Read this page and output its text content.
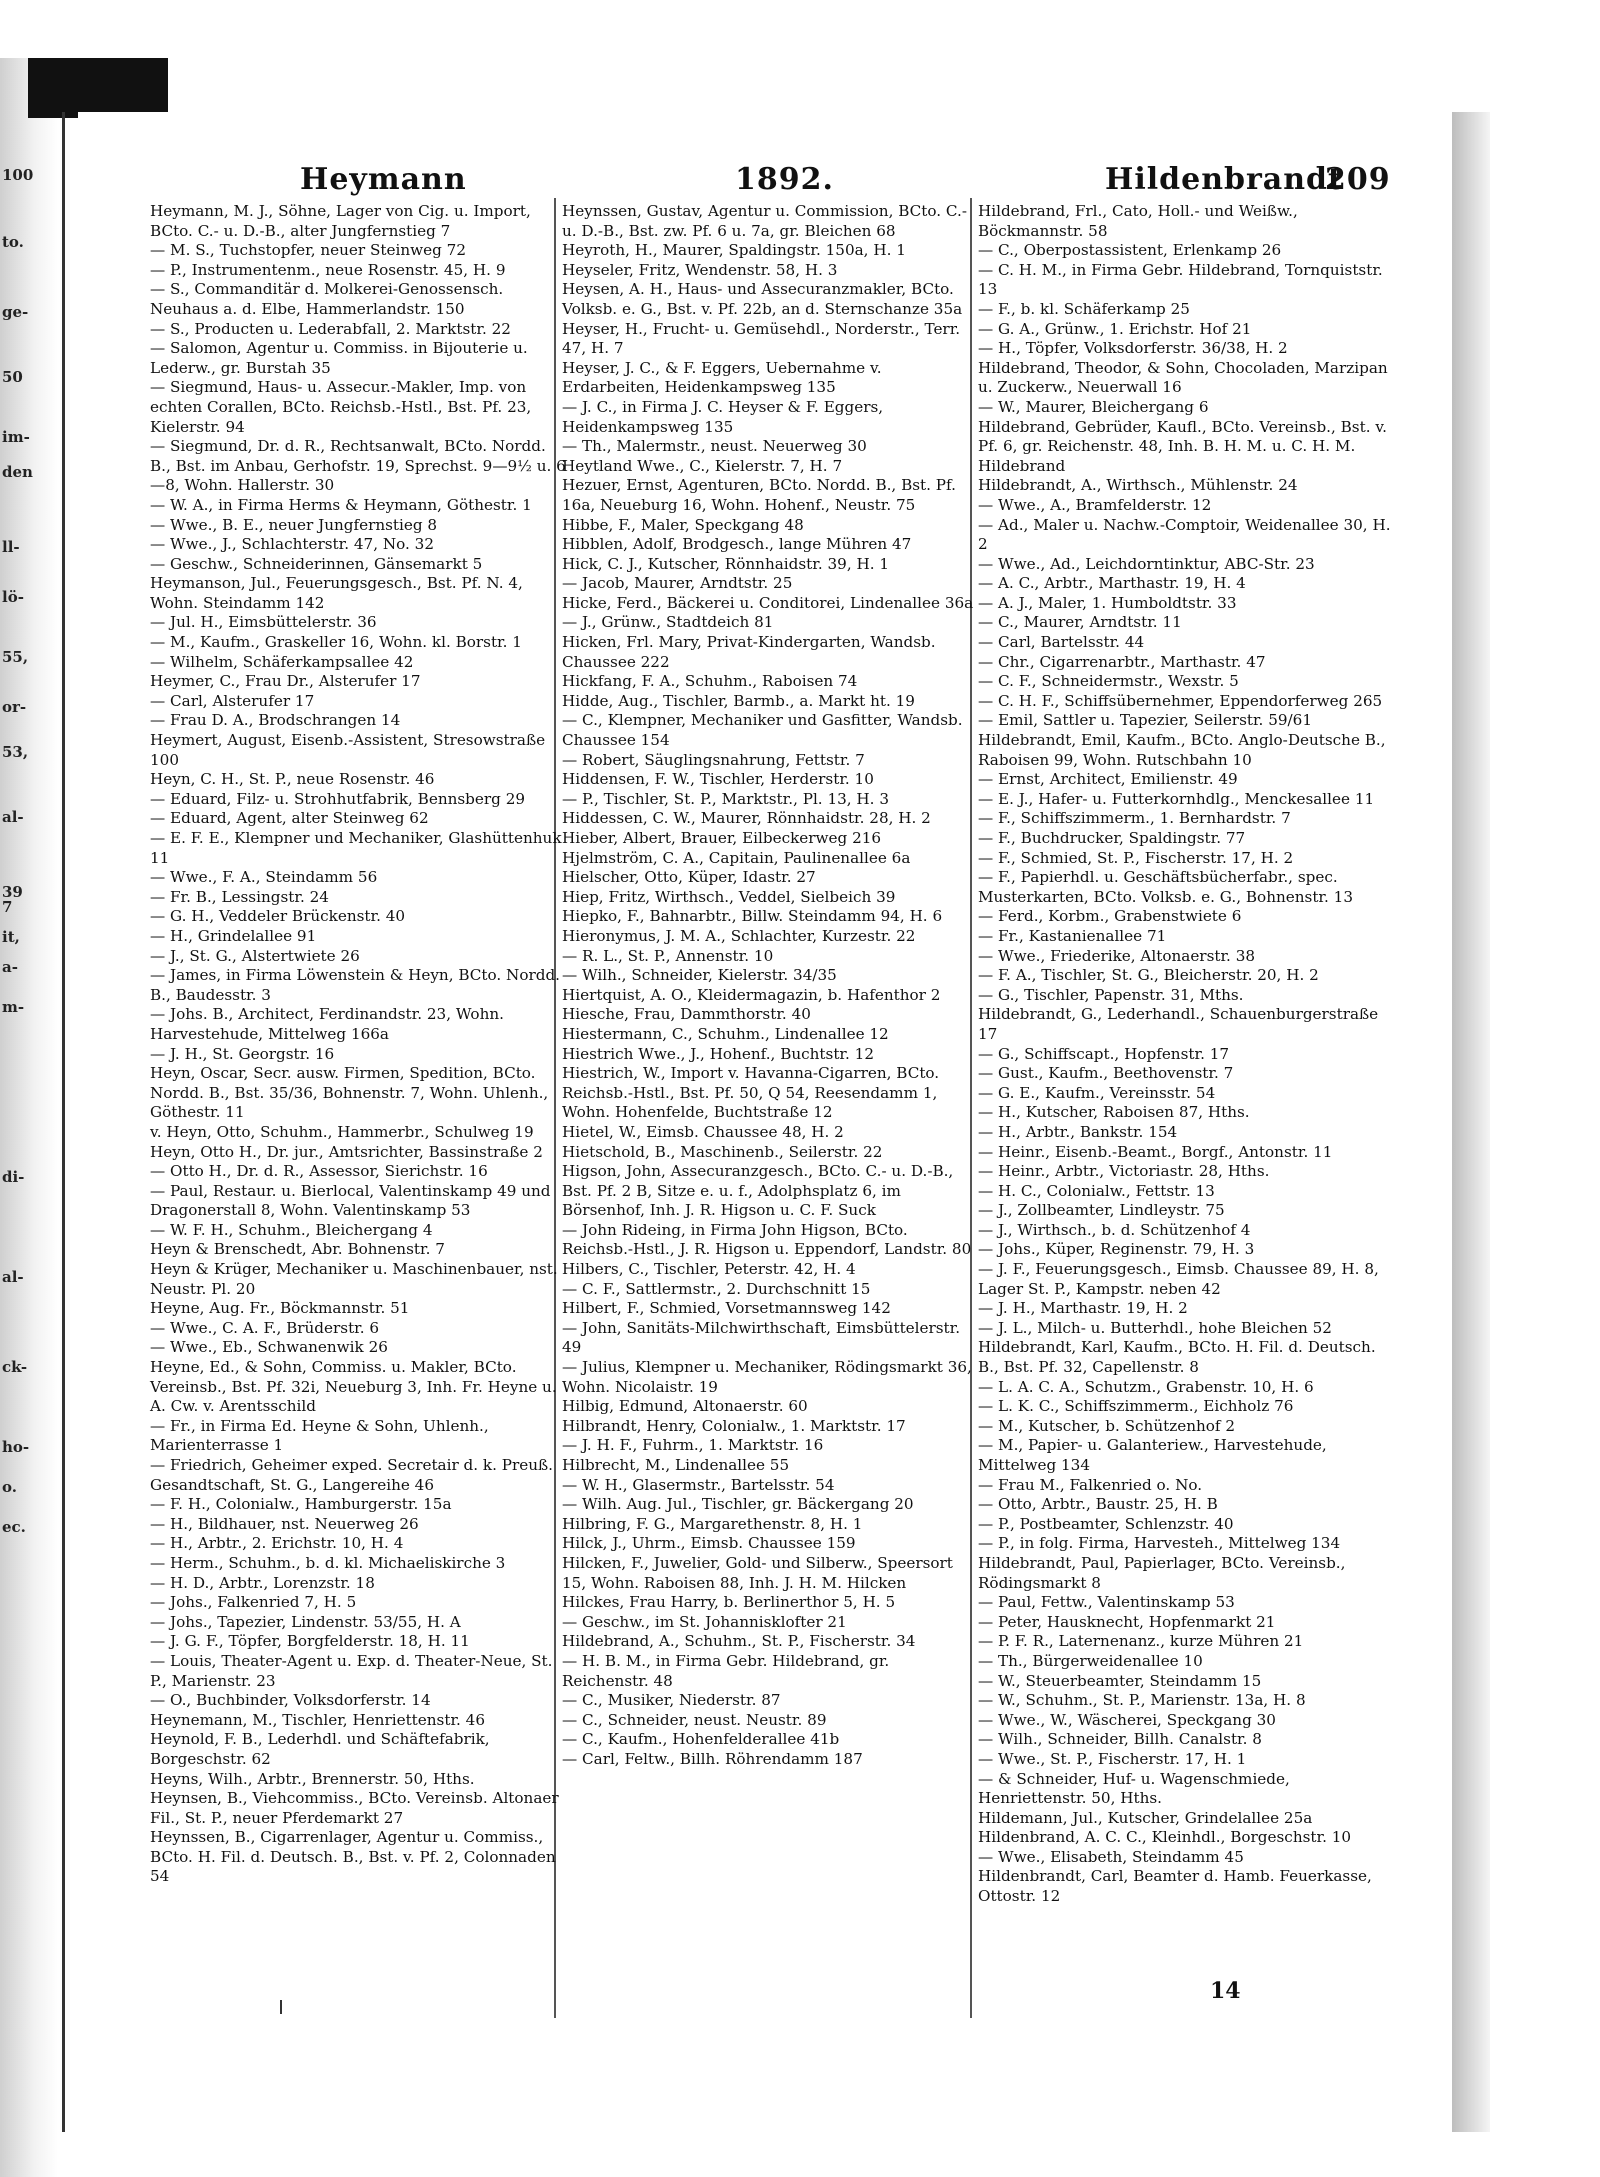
100
to.
ge-
50
im-
den
ll-
lö-
55,
or-
53,
al-
39
7
it,
a-
m-
di-
al-
ck-
ho-
o.
ec.
Heymann	1892.	Hildenbrandt
209
Heymann, M. J., Söhne, Lager von Cig. u. Import, BCto. C.- u. D.-B., alter Jungfernstieg 7
— M. S., Tuchstopfer, neuer Steinweg 72
— P., Instrumentenm., neue Rosenstr. 45, H. 9
— S., Commanditär d. Molkerei-Genossensch. Neuhaus a. d. Elbe, Hammerlandstr. 150
— S., Producten u. Lederabfall, 2. Marktstr. 22
— Salomon, Agentur u. Commiss. in Bijouterie u. Lederw., gr. Burstah 35
— Siegmund, Haus- u. Assecur.-Makler, Imp. von echten Corallen, BCto. Reichsb.-Hstl., Bst. Pf. 23, Kielerstr. 94
— Siegmund, Dr. d. R., Rechtsanwalt, BCto. Nordd. B., Bst. im Anbau, Gerhofstr. 19, Sprechst. 9—9½ u. 6—8, Wohn. Hallerstr. 30
— W. A., in Firma Herms & Heymann, Göthestr. 1
— Wwe., B. E., neuer Jungfernstieg 8
— Wwe., J., Schlachterstr. 47, No. 32
— Geschw., Schneiderinnen, Gänsemarkt 5
Heymanson, Jul., Feuerungsgesch., Bst. Pf. N. 4, Wohn. Steindamm 142
— Jul. H., Eimsbüttelerstr. 36
— M., Kaufm., Graskeller 16, Wohn. kl. Borstr. 1
— Wilhelm, Schäferkampsallee 42
Heymer, C., Frau Dr., Alsterufer 17
— Carl, Alsterufer 17
— Frau D. A., Brodschrangen 14
Heymert, August, Eisenb.-Assistent, Stresowstraße 100
Heyn, C. H., St. P., neue Rosenstr. 46
— Eduard, Filz- u. Strohhutfabrik, Bennsberg 29
— Eduard, Agent, alter Steinweg 62
— E. F. E., Klempner und Mechaniker, Glashüttenhuk 11
— Wwe., F. A., Steindamm 56
— Fr. B., Lessingstr. 24
— G. H., Veddeler Brückenstr. 40
— H., Grindelallee 91
— J., St. G., Alstertwiete 26
— James, in Firma Löwenstein & Heyn, BCto. Nordd. B., Baudesstr. 3
— Johs. B., Architect, Ferdinandstr. 23, Wohn. Harvestehude, Mittelweg 166a
— J. H., St. Georgstr. 16
Heyn, Oscar, Secr. ausw. Firmen, Spedition, BCto. Nordd. B., Bst. 35/36, Bohnenstr. 7, Wohn. Uhlenh., Göthestr. 11
v. Heyn, Otto, Schuhm., Hammerbr., Schulweg 19
Heyn, Otto H., Dr. jur., Amtsrichter, Bassinstraße 2
— Otto H., Dr. d. R., Assessor, Sierichstr. 16
— Paul, Restaur. u. Bierlocal, Valentinskamp 49 und Dragonerstall 8, Wohn. Valentinskamp 53
— W. F. H., Schuhm., Bleichergang 4
Heyn & Brenschedt, Abr. Bohnenstr. 7
Heyn & Krüger, Mechaniker u. Maschinenbauer, nst. Neustr. Pl. 20
Heyne, Aug. Fr., Böckmannstr. 51
— Wwe., C. A. F., Brüderstr. 6
— Wwe., Eb., Schwanenwik 26
Heyne, Ed., & Sohn, Commiss. u. Makler, BCto. Vereinsb., Bst. Pf. 32i, Neueburg 3, Inh. Fr. Heyne u. A. Cw. v. Arentsschild
— Fr., in Firma Ed. Heyne & Sohn, Uhlenh., Marienterrasse 1
— Friedrich, Geheimer exped. Secretair d. k. Preuß. Gesandtschaft, St. G., Langereihe 46
— F. H., Colonialw., Hamburgerstr. 15a
— H., Bildhauer, nst. Neuerweg 26
— H., Arbtr., 2. Erichstr. 10, H. 4
— Herm., Schuhm., b. d. kl. Michaeliskirche 3
— H. D., Arbtr., Lorenzstr. 18
— Johs., Falkenried 7, H. 5
— Johs., Tapezier, Lindenstr. 53/55, H. A
— J. G. F., Töpfer, Borgfelderstr. 18, H. 11
— Louis, Theater-Agent u. Exp. d. Theater-Neue, St. P., Marienstr. 23
— O., Buchbinder, Volksdorferstr. 14
Heynemann, M., Tischler, Henriettenstr. 46
Heynold, F. B., Lederhdl. und Schäftefabrik, Borgeschstr. 62
Heyns, Wilh., Arbtr., Brennerstr. 50, Hths.
Heynsen, B., Viehcommiss., BCto. Vereinsb. Altonaer Fil., St. P., neuer Pferdemarkt 27
Heynssen, B., Cigarrenlager, Agentur u. Commiss., BCto. H. Fil. d. Deutsch. B., Bst. v. Pf. 2, Colonnaden 54
Heynssen, Gustav, Agentur u. Commission, BCto. C.- u. D.-B., Bst. zw. Pf. 6 u. 7a, gr. Bleichen 68
Heyroth, H., Maurer, Spaldingstr. 150a, H. 1
Heyseler, Fritz, Wendenstr. 58, H. 3
Heysen, A. H., Haus- und Assecuranzmakler, BCto. Volksb. e. G., Bst. v. Pf. 22b, an d. Sternschanze 35a
Heyser, H., Frucht- u. Gemüsehdl., Norderstr., Terr. 47, H. 7
Heyser, J. C., & F. Eggers, Uebernahme v. Erdarbeiten, Heidenkampsweg 135
— J. C., in Firma J. C. Heyser & F. Eggers, Heidenkampsweg 135
— Th., Malermstr., neust. Neuerweg 30
Heytland Wwe., C., Kielerstr. 7, H. 7
Hezuer, Ernst, Agenturen, BCto. Nordd. B., Bst. Pf. 16a, Neueburg 16, Wohn. Hohenf., Neustr. 75
Hibbe, F., Maler, Speckgang 48
Hibblen, Adolf, Brodgesch., lange Mühren 47
Hick, C. J., Kutscher, Rönnhaidstr. 39, H. 1
— Jacob, Maurer, Arndtstr. 25
Hicke, Ferd., Bäckerei u. Conditorei, Lindenallee 36a
— J., Grünw., Stadtdeich 81
Hicken, Frl. Mary, Privat-Kindergarten, Wandsb. Chaussee 222
Hickfang, F. A., Schuhm., Raboisen 74
Hidde, Aug., Tischler, Barmb., a. Markt ht. 19
— C., Klempner, Mechaniker und Gasfitter, Wandsb. Chaussee 154
— Robert, Säuglingsnahrung, Fettstr. 7
Hiddensen, F. W., Tischler, Herderstr. 10
— P., Tischler, St. P., Marktstr., Pl. 13, H. 3
Hiddessen, C. W., Maurer, Rönnhaidstr. 28, H. 2
Hieber, Albert, Brauer, Eilbeckerweg 216
Hjelmström, C. A., Capitain, Paulinenallee 6a
Hielscher, Otto, Küper, Idastr. 27
Hiep, Fritz, Wirthsch., Veddel, Sielbeich 39
Hiepko, F., Bahnarbtr., Billw. Steindamm 94, H. 6
Hieronymus, J. M. A., Schlachter, Kurzestr. 22
— R. L., St. P., Annenstr. 10
— Wilh., Schneider, Kielerstr. 34/35
Hiertquist, A. O., Kleidermagazin, b. Hafenthor 2
Hiesche, Frau, Dammthorstr. 40
Hiestermann, C., Schuhm., Lindenallee 12
Hiestrich Wwe., J., Hohenf., Buchtstr. 12
Hiestrich, W., Import v. Havanna-Cigarren, BCto. Reichsb.-Hstl., Bst. Pf. 50, Q 54, Reesendamm 1, Wohn. Hohenfelde, Buchtstraße 12
Hietel, W., Eimsb. Chaussee 48, H. 2
Hietschold, B., Maschinenb., Seilerstr. 22
Higson, John, Assecuranzgesch., BCto. C.- u. D.-B., Bst. Pf. 2 B, Sitze e. u. f., Adolphsplatz 6, im Börsenhof, Inh. J. R. Higson u. C. F. Suck
— John Rideing, in Firma John Higson, BCto. Reichsb.-Hstl., J. R. Higson u. Eppendorf, Landstr. 80
Hilbers, C., Tischler, Peterstr. 42, H. 4
— C. F., Sattlermstr., 2. Durchschnitt 15
Hilbert, F., Schmied, Vorsetmannsweg 142
— John, Sanitäts-Milchwirthschaft, Eimsbüttelerstr. 49
— Julius, Klempner u. Mechaniker, Rödingsmarkt 36, Wohn. Nicolaistr. 19
Hilbig, Edmund, Altonaerstr. 60
Hilbrandt, Henry, Colonialw., 1. Marktstr. 17
— J. H. F., Fuhrm., 1. Marktstr. 16
Hilbrecht, M., Lindenallee 55
— W. H., Glasermstr., Bartelsstr. 54
— Wilh. Aug. Jul., Tischler, gr. Bäckergang 20
Hilbring, F. G., Margarethenstr. 8, H. 1
Hilck, J., Uhrm., Eimsb. Chaussee 159
Hilcken, F., Juwelier, Gold- und Silberw., Speersort 15, Wohn. Raboisen 88, Inh. J. H. M. Hilcken
Hilckes, Frau Harry, b. Berlinerthor 5, H. 5
— Geschw., im St. Johannisklofter 21
Hildebrand, A., Schuhm., St. P., Fischerstr. 34
— H. B. M., in Firma Gebr. Hildebrand, gr. Reichenstr. 48
— C., Musiker, Niederstr. 87
— C., Schneider, neust. Neustr. 89
— C., Kaufm., Hohenfelderallee 41b
— Carl, Feltw., Billh. Röhrendamm 187
Hildebrand, Frl., Cato, Holl.- und Weißw., Böckmannstr. 58
— C., Oberpostassistent, Erlenkamp 26
— C. H. M., in Firma Gebr. Hildebrand, Tornquiststr. 13
— F., b. kl. Schäferkamp 25
— G. A., Grünw., 1. Erichstr. Hof 21
— H., Töpfer, Volksdorferstr. 36/38, H. 2
Hildebrand, Theodor, & Sohn, Chocoladen, Marzipan u. Zuckerw., Neuerwall 16
— W., Maurer, Bleichergang 6
Hildebrand, Gebrüder, Kaufl., BCto. Vereinsb., Bst. v. Pf. 6, gr. Reichenstr. 48, Inh. B. H. M. u. C. H. M. Hildebrand
Hildebrandt, A., Wirthsch., Mühlenstr. 24
— Wwe., A., Bramfelderstr. 12
— Ad., Maler u. Nachw.-Comptoir, Weidenallee 30, H. 2
— Wwe., Ad., Leichdorntinktur, ABC-Str. 23
— A. C., Arbtr., Marthastr. 19, H. 4
— A. J., Maler, 1. Humboldtstr. 33
— C., Maurer, Arndtstr. 11
— Carl, Bartelsstr. 44
— Chr., Cigarrenarbtr., Marthastr. 47
— C. F., Schneidermstr., Wexstr. 5
— C. H. F., Schiffsübernehmer, Eppendorferweg 265
— Emil, Sattler u. Tapezier, Seilerstr. 59/61
Hildebrandt, Emil, Kaufm., BCto. Anglo-Deutsche B., Raboisen 99, Wohn. Rutschbahn 10
— Ernst, Architect, Emilienstr. 49
— E. J., Hafer- u. Futterkornhdlg., Menckesallee 11
— F., Schiffszimmerm., 1. Bernhardstr. 7
— F., Buchdrucker, Spaldingstr. 77
— F., Schmied, St. P., Fischerstr. 17, H. 2
— F., Papierhdl. u. Geschäftsbücherfabr., spec. Musterkarten, BCto. Volksb. e. G., Bohnenstr. 13
— Ferd., Korbm., Grabenstwiete 6
— Fr., Kastanienallee 71
— Wwe., Friederike, Altonaerstr. 38
— F. A., Tischler, St. G., Bleicherstr. 20, H. 2
— G., Tischler, Papenstr. 31, Mths.
Hildebrandt, G., Lederhandl., Schauenburgerstraße 17
— G., Schiffscapt., Hopfenstr. 17
— Gust., Kaufm., Beethovenstr. 7
— G. E., Kaufm., Vereinsstr. 54
— H., Kutscher, Raboisen 87, Hths.
— H., Arbtr., Bankstr. 154
— Heinr., Eisenb.-Beamt., Borgf., Antonstr. 11
— Heinr., Arbtr., Victoriastr. 28, Hths.
— H. C., Colonialw., Fettstr. 13
— J., Zollbeamter, Lindleystr. 75
— J., Wirthsch., b. d. Schützenhof 4
— Johs., Küper, Reginenstr. 79, H. 3
— J. F., Feuerungsgesch., Eimsb. Chaussee 89, H. 8, Lager St. P., Kampstr. neben 42
— J. H., Marthastr. 19, H. 2
— J. L., Milch- u. Butterhdl., hohe Bleichen 52
Hildebrandt, Karl, Kaufm., BCto. H. Fil. d. Deutsch. B., Bst. Pf. 32, Capellenstr. 8
— L. A. C. A., Schutzm., Grabenstr. 10, H. 6
— L. K. C., Schiffszimmerm., Eichholz 76
— M., Kutscher, b. Schützenhof 2
— M., Papier- u. Galanteriew., Harvestehude, Mittelweg 134
— Frau M., Falkenried o. No.
— Otto, Arbtr., Baustr. 25, H. B
— P., Postbeamter, Schlenzstr. 40
— P., in folg. Firma, Harvesteh., Mittelweg 134
Hildebrandt, Paul, Papierlager, BCto. Vereinsb., Rödingsmarkt 8
— Paul, Fettw., Valentinskamp 53
— Peter, Hausknecht, Hopfenmarkt 21
— P. F. R., Laternenanz., kurze Mühren 21
— Th., Bürgerweidenallee 10
— W., Steuerbeamter, Steindamm 15
— W., Schuhm., St. P., Marienstr. 13a, H. 8
— Wwe., W., Wäscherei, Speckgang 30
— Wilh., Schneider, Billh. Canalstr. 8
— Wwe., St. P., Fischerstr. 17, H. 1
— & Schneider, Huf- u. Wagenschmiede, Henriettenstr. 50, Hths.
Hildemann, Jul., Kutscher, Grindelallee 25a
Hildenbrand, A. C. C., Kleinhdl., Borgeschstr. 10
— Wwe., Elisabeth, Steindamm 45
Hildenbrandt, Carl, Beamter d. Hamb. Feuerkasse, Ottostr. 12
14
